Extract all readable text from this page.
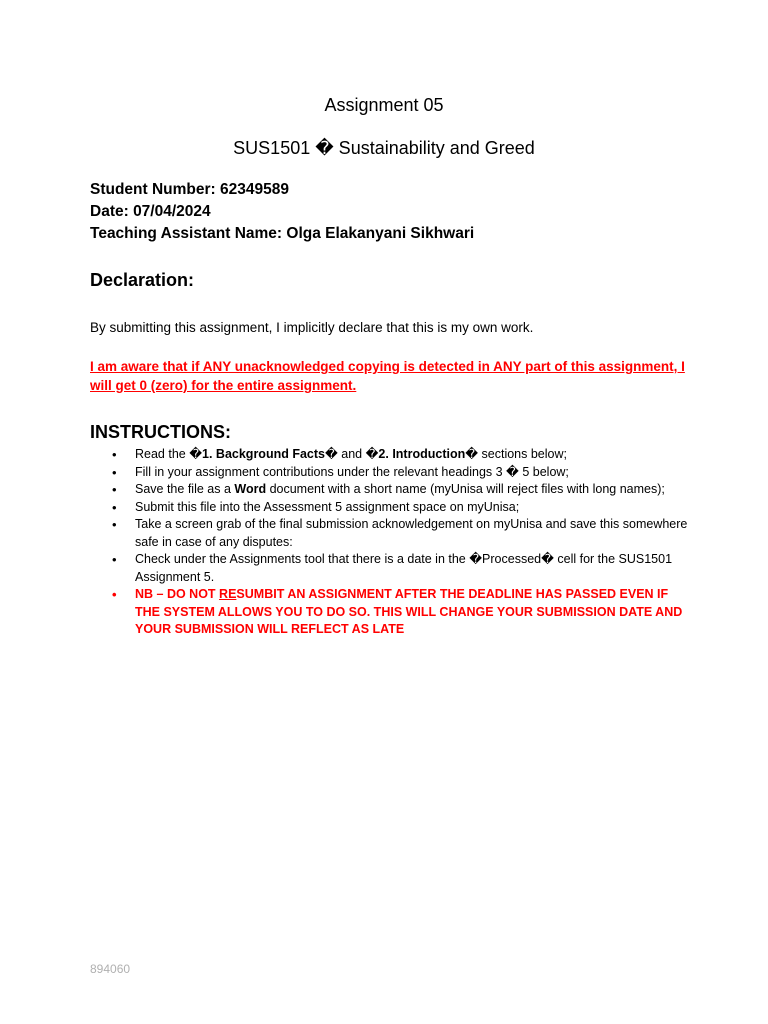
Assignment 05
SUS1501 � Sustainability and Greed
Student Number: 62349589
Date: 07/04/2024
Teaching Assistant Name: Olga Elakanyani Sikhwari
Declaration:
By submitting this assignment, I implicitly declare that this is my own work.
I am aware that if ANY unacknowledged copying is detected in ANY part of this assignment, I will get 0 (zero) for the entire assignment.
INSTRUCTIONS:
• Read the �1. Background Facts� and �2. Introduction� sections below;
• Fill in your assignment contributions under the relevant headings 3 � 5 below;
• Save the file as a Word document with a short name (myUnisa will reject files with long names);
• Submit this file into the Assessment 5 assignment space on myUnisa;
• Take a screen grab of the final submission acknowledgement on myUnisa and save this somewhere safe in case of any disputes:
• Check under the Assignments tool that there is a date in the �Processed� cell for the SUS1501 Assignment 5.
• NB – DO NOT RESUMBIT AN ASSIGNMENT AFTER THE DEADLINE HAS PASSED EVEN IF THE SYSTEM ALLOWS YOU TO DO SO. THIS WILL CHANGE YOUR SUBMISSION DATE AND YOUR SUBMISSION WILL REFLECT AS LATE
894060
